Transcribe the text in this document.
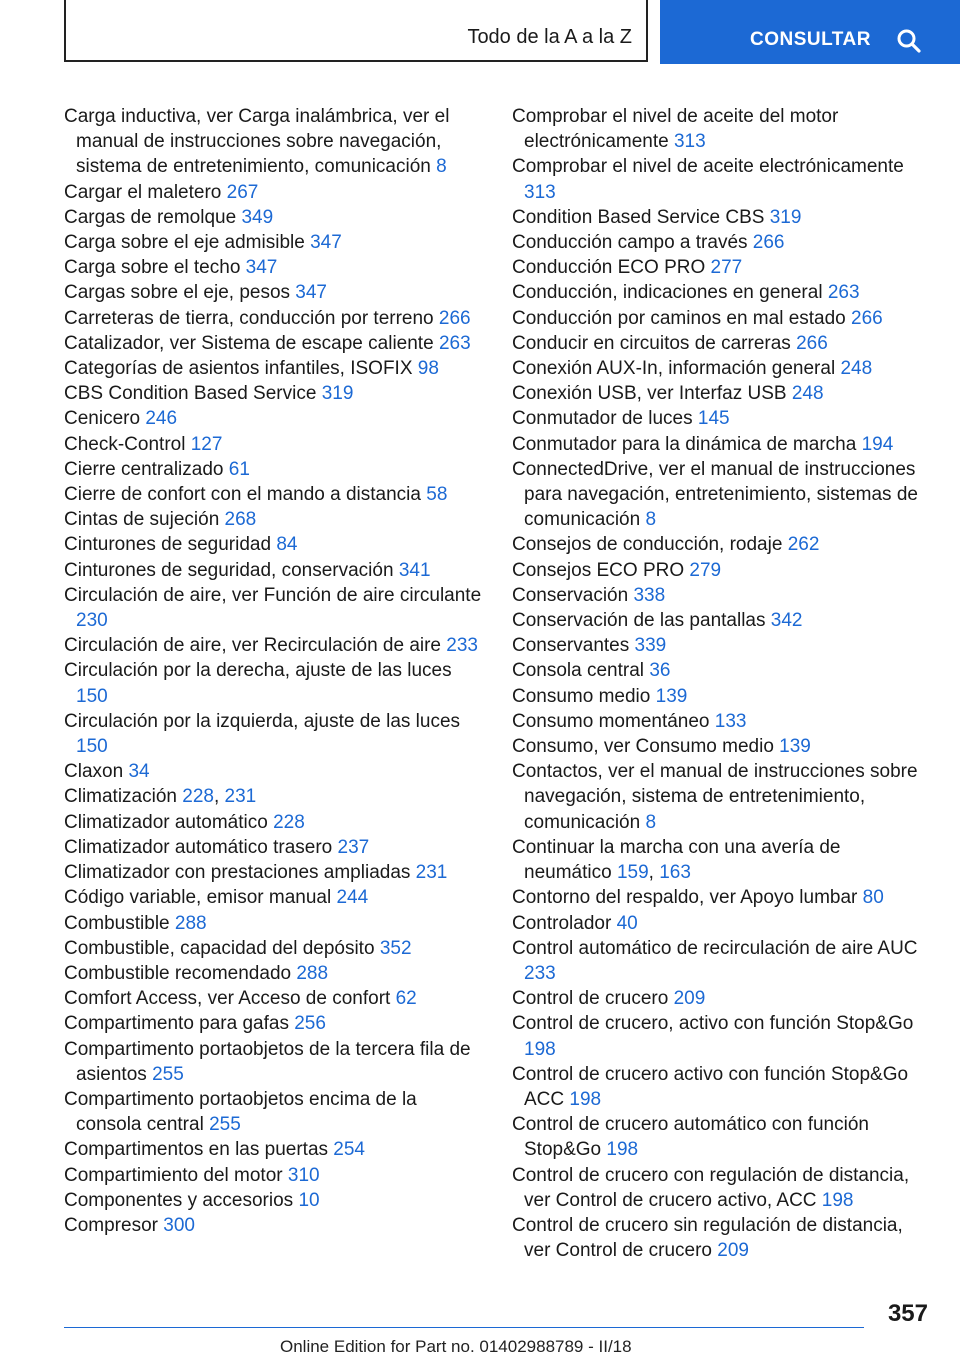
Todo de la A a la Z	CONSULTAR
Carga inductiva, ver Carga inalámbrica, ver el manual de instrucciones sobre navegación, sistema de entretenimiento, comunicación 8
Cargar el maletero 267
Cargas de remolque 349
Carga sobre el eje admisible 347
Carga sobre el techo 347
Cargas sobre el eje, pesos 347
Carreteras de tierra, conducción por terreno 266
Catalizador, ver Sistema de escape caliente 263
Categorías de asientos infantiles, ISOFIX 98
CBS Condition Based Service 319
Cenicero 246
Check-Control 127
Cierre centralizado 61
Cierre de confort con el mando a distancia 58
Cintas de sujeción 268
Cinturones de seguridad 84
Cinturones de seguridad, conservación 341
Circulación de aire, ver Función de aire circulante 230
Circulación de aire, ver Recirculación de aire 233
Circulación por la derecha, ajuste de las luces 150
Circulación por la izquierda, ajuste de las luces 150
Claxon 34
Climatización 228, 231
Climatizador automático 228
Climatizador automático trasero 237
Climatizador con prestaciones ampliadas 231
Código variable, emisor manual 244
Combustible 288
Combustible, capacidad del depósito 352
Combustible recomendado 288
Comfort Access, ver Acceso de confort 62
Compartimento para gafas 256
Compartimento portaobjetos de la tercera fila de asientos 255
Compartimento portaobjetos encima de la consola central 255
Compartimentos en las puertas 254
Compartimiento del motor 310
Componentes y accesorios 10
Compresor 300
Comprobar el nivel de aceite del motor electrónicamente 313
Comprobar el nivel de aceite electrónicamente 313
Condition Based Service CBS 319
Conducción campo a través 266
Conducción ECO PRO 277
Conducción, indicaciones en general 263
Conducción por caminos en mal estado 266
Conducir en circuitos de carreras 266
Conexión AUX-In, información general 248
Conexión USB, ver Interfaz USB 248
Conmutador de luces 145
Conmutador para la dinámica de marcha 194
ConnectedDrive, ver el manual de instrucciones para navegación, entretenimiento, sistemas de comunicación 8
Consejos de conducción, rodaje 262
Consejos ECO PRO 279
Conservación 338
Conservación de las pantallas 342
Conservantes 339
Consola central 36
Consumo medio 139
Consumo momentáneo 133
Consumo, ver Consumo medio 139
Contactos, ver el manual de instrucciones sobre navegación, sistema de entretenimiento, comunicación 8
Continuar la marcha con una avería de neumático 159, 163
Contorno del respaldo, ver Apoyo lumbar 80
Controlador 40
Control automático de recirculación de aire AUC 233
Control de crucero 209
Control de crucero, activo con función Stop&Go 198
Control de crucero activo con función Stop&Go ACC 198
Control de crucero automático con función Stop&Go 198
Control de crucero con regulación de distancia, ver Control de crucero activo, ACC 198
Control de crucero sin regulación de distancia, ver Control de crucero 209
357
Online Edition for Part no. 01402988789 - II/18
